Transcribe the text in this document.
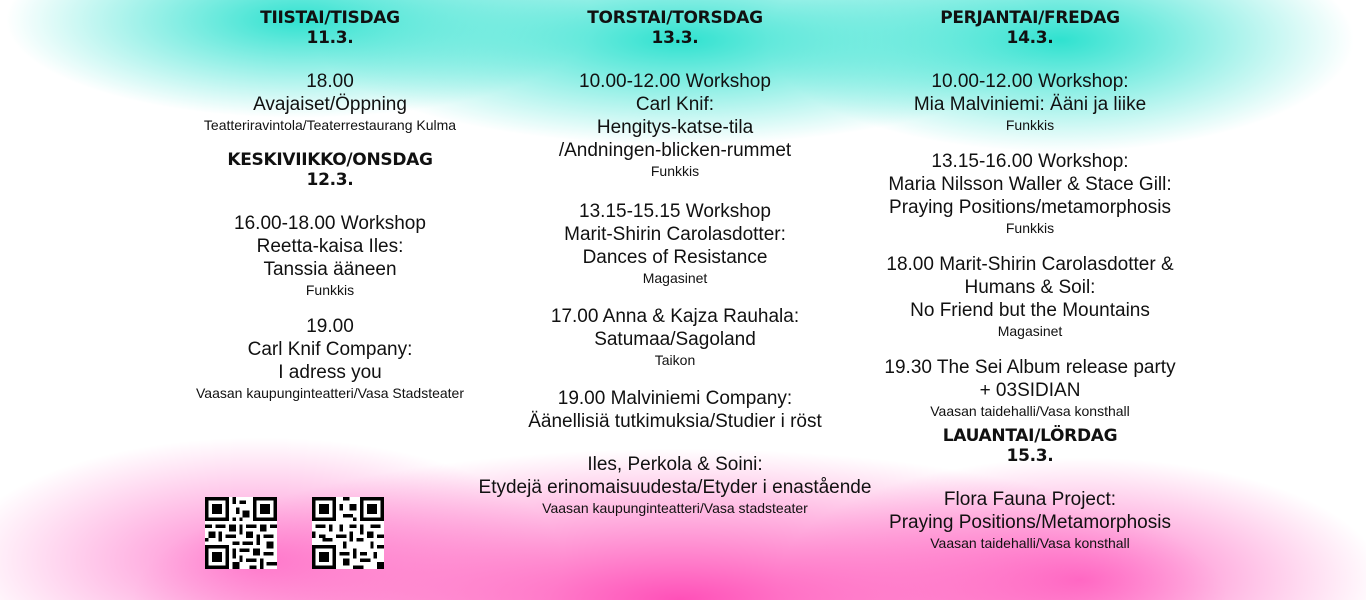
TIISTAI/TISDAG
11.3.
18.00
Avajaiset/Öppning
Teatteriravintola/Teaterrestaurang Kulma
KESKIVIIKKO/ONSDAG
12.3.
16.00-18.00 Workshop
Reetta-kaisa Iles:
Tanssia ääneen
Funkkis
19.00
Carl Knif Company:
I adress you
Vaasan kaupunginteatteri/Vasa Stadsteater
TORSTAI/TORSDAG
13.3.
10.00-12.00 Workshop
Carl Knif:
Hengitys-katse-tila
/Andningen-blicken-rummet
Funkkis
13.15-15.15 Workshop
Marit-Shirin Carolasdotter:
Dances of Resistance
Magasinet
17.00 Anna & Kajza Rauhala:
Satumaa/Sagoland
Taikon
19.00 Malviniemi Company:
Äänellisiä tutkimuksia/Studier i röst
Iles, Perkola & Soini:
Etydejä erinomaisuudesta/Etyder i enastående
Vaasan kaupunginteatteri/Vasa stadsteater
PERJANTAI/FREDAG
14.3.
10.00-12.00 Workshop:
Mia Malviniemi: Ääni ja liike
Funkkis
13.15-16.00 Workshop:
Maria Nilsson Waller & Stace Gill:
Praying Positions/metamorphosis
Funkkis
18.00 Marit-Shirin Carolasdotter &
Humans & Soil:
No Friend but the Mountains
Magasinet
19.30 The Sei Album release party
+ 03SIDIAN
Vaasan taidehalli/Vasa konsthall
LAUANTAI/LÖRDAG
15.3.
Flora Fauna Project:
Praying Positions/Metamorphosis
Vaasan taidehalli/Vasa konsthall
